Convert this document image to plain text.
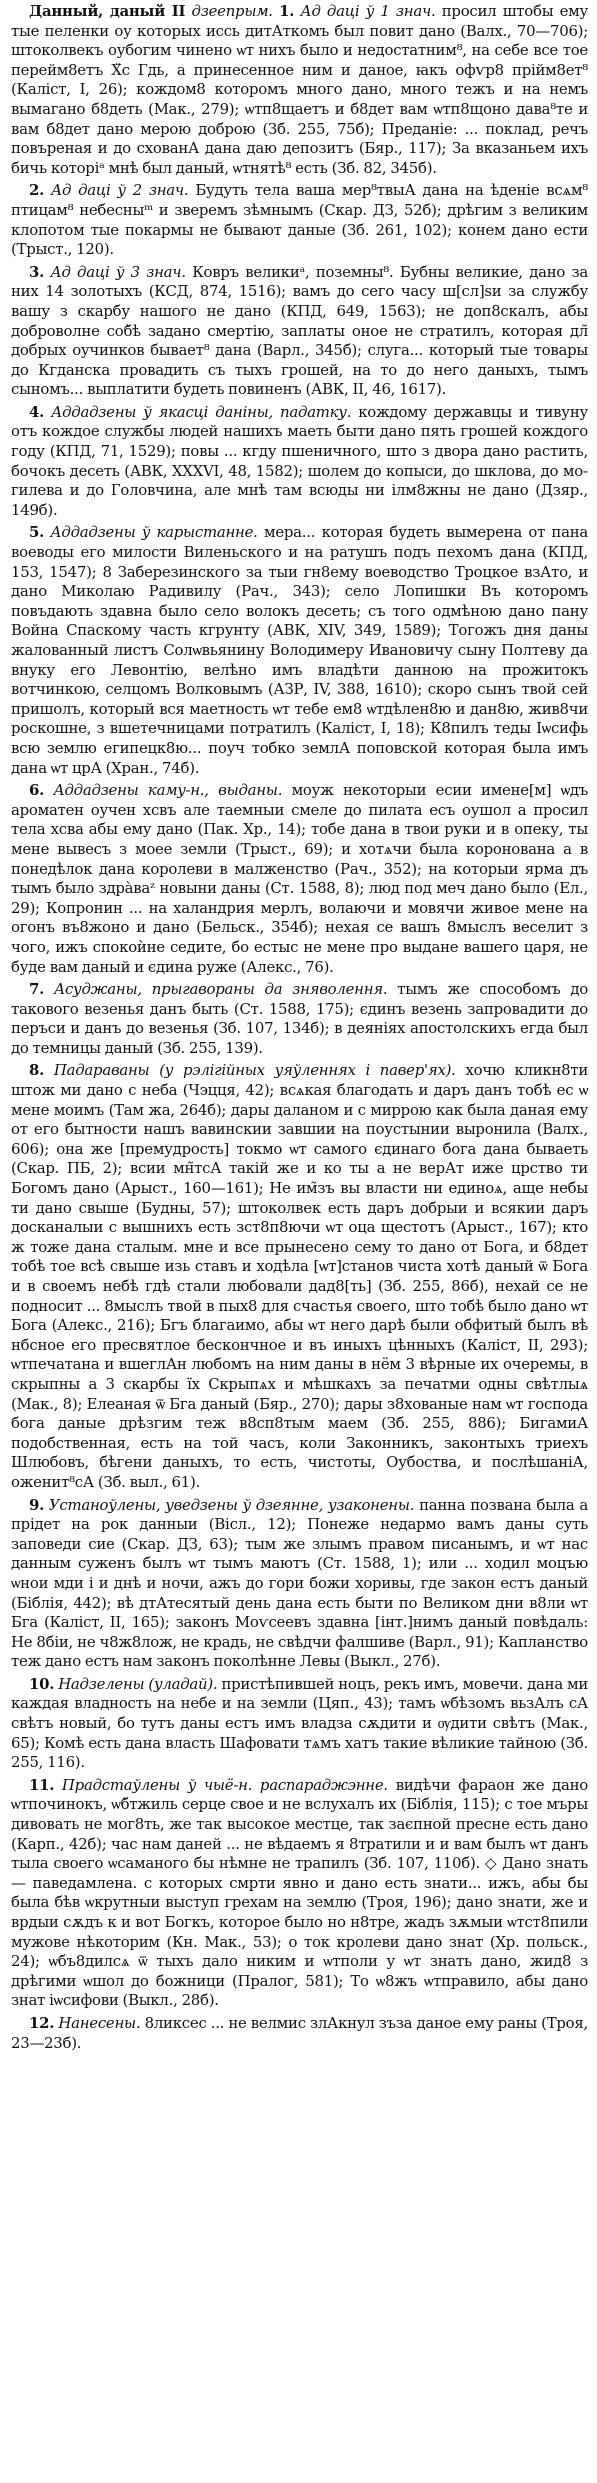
Данный, даный II дзеепрым. 1. Ад даці ў 1 знач. просил штобы ему тые пеленки оу которых иссь дитАткомъ был повит дано (Валх., 70—706); штоколвекъ оубогим чинено ѡт нихъ было и недостатним⁸, на себе все тое перейм8етъ Х̈с Гдь, а принесенное ним и даное, ꙗкъ офѵр8 прійм8ет⁸ (Каліст, I, 26); кождом8 которомъ много дано, много тежъ и на немъ вымагано б8деть (Мак., 279); ѡтп8щаетъ и б8дет вам ѡтп8щоно дава⁸те и вам б8дет дано мерою доброю (Зб. 255, 75б); Преданіе: ... поклад, речъ повъреная и до схованА дана даю депозитъ (Бяр., 117); За вказаньем ихъ бичь которіᵃ мнѣ был даный, ѡтнятѣ⁸ есть (Зб. 82, 345б).

2. Ад даці ў 2 знач. Будуть тела ваша мер⁸твыА дана на ѣденіе всѧм⁸ птицам⁸ небесныᵐ и зверемъ зѣмнымъ (Скар. ДЗ, 52б); дрѣгим з великим клопотом тые покармы не бывают даные (Зб. 261, 102); конем дано ести (Трыст., 120).

3. Ад даці ў 3 знач. Ковръ великиᵃ, поземны⁸. Бубны великие, дано за них 14 золотыхъ (КСД, 874, 1516); вамъ до сего часу ш[сл]ѕи за службу вашу з скарбу нашого не дано (КПД, 649, 1563); не доп8скалъ, абы доброволне соб̀ѣ задано смертію, заплаты оное не стратилъ, которая дл̃ добрых оучинков бывает⁸ дана (Варл., 345б); слуга... который тые товары до Кгданска провадить съ тыхъ грошей, на то до него даныхъ, тымъ сыномъ... выплатити будеть повиненъ (АВК, II, 46, 1617).

4. Аддадзены ў якасці даніны, падатку. кождому державцы и тивуну отъ кождое службы людей нашихъ маеть быти дано пять грошей кождого году (КПД, 71, 1529); повы ... кгду пшеничного, што з двора дано растить, бочокъ десеть (АВК, XXXVI, 48, 1582); шолем до копыси, до шклова, до мо гилева и до Головчина, але мнѣ там всюды ни ілм8жны не дано (Дзяр., 149б).

5. Аддадзены ў карыстанне. мера... которая будеть вымерена от пана воеводы его милости Виленьского и на ратушъ подъ пехомъ дана (КПД, 153, 1547); 8 Заберезинского за тыи гн8ему воеводство Троцкое взАто, и дано Миколаю Радивилу (Рач., 343); село Лопишки Въ которомъ повъдають здавна было село волокъ десеть; съ того одмѣною дано пану Война Спаскому часть кгрунту (АВК, XIV, 349, 1589); Тогожъ дня даны жалованный листъ Солѡвьянину Володимеру Ивановичу сыну Полтеву да внуку его Левонтію, велѣно имъ владѣти данною на прожитокъ вотчинкою, селцомъ Волковымъ (АЗР, IV, 388, 1610); скоро сынъ твой сей пришолъ, который вся маетность ѡт тебе ем8 ѡтдѣлен8ю и дан8ю, жив8чи роскошне, з вшетечницами потратилъ (Каліст, I, 18); К8пилъ теды Іѡсиф̀ь всю землю египецк8ю... поуч тобко землА поповской которая была имъ дана ѡт црА (Хран., 74б).

6. Аддадзены камy-н., выданы. моуж некоторыи есии имене[м] ѡдъ ароматен оучен хсвъ але таемныи смеле до пилата есъ оушол а просил тела хсва абы ему дано (Пак. Хр., 14); тобе дана в твои руки и в опеку, ты мене вывесъ з моее земли (Трыст., 69); и хотѧчи была коронована а в понедѣлок дана королеви в малженство (Рач., 352); на которыи ярма дъ тымъ было здра̀ваᶻ новыни даны (Ст. 1588, 8); люд под меч дано было (Ел., 29); Копронин ... на халандрия мерлъ, волаючи и мовячи живое мене на огонъ въ8жоно и дано (Бельск., 354б); нехая се вашъ 8мыслъ веселит з чого, ижъ спокоѝне седите, бо естыс не мене про выдане вашего царя, не буде вам даный и єдина руже (Алекс., 76).

7. Асуджаны, прыгавораны да зняволення. тымъ же способомъ до такового везенья данъ быть (Ст. 1588, 175); єдинъ везень запровадити до перъси и данъ до везенья (Зб. 107, 134б); в деяніях апостолскихъ егда был до темницы даный (Зб. 255, 139).

8. Падараваны (у рэлігійных уяўленнях і павер'ях). хочю кликн8ти штож ми дано с неба (Чэцця, 42); всѧкая благодать и даръ данъ тобѣ ес ѡ мене моимъ (Там жа, 264б); дары даланом и с миррою как была даная ему от его бытности нашъ вавинскии завшии на поустынии выронила (Валх., 606); она же [премудрость] токмо ѡт самого єдинаго бога дана бываеть (Скар. ПБ, 2); всии мн̃тсА такій же и ко ты а не верАт иже црство ти Богомъ дано (Арыст., 160—161); Не им̃зъ вы власти ни единоѧ, аще небы ти дано свыше (Будны, 57); штоколвек есть даръ добрыи и всякии даръ досканалыи с вышнихъ есть зст8п8ючи ѡт оца щестотъ (Арыст., 167); кто ж тоже дана сталым. мне и все прынесено сему то дано от Бога, и б8дет тобѣ тое всѣ свыше изь ставъ и ходѣла [ѡт]станов чиста хотѣ даный ѿ Бога и в своемъ небѣ гдѣ стали любовали дад8[ть] (Зб. 255, 86б), нехай се не подносит ... 8мыслъ твой в пых8 для счастья своего, што тобѣ было дано ѡт Бога (Алекс., 216); Бгъ благаимо, абы ѡт него дарѣ были обфитый былъ вѣ нбсное его пресвятлое бескончное и въ иныхъ цѣнныхъ (Каліст, II, 293); ѡтпечатана и вшеглАн любомъ на ним даны в нём 3 вѣрные их очеремы, в скрыпны а 3 скарбы їх Скрыпѧх и мѣшкахъ за печатми одны свѣтлыѧ (Мак., 8); Елеаная ѿ Бга даный (Бяр., 270); дары з8хованые нам ѡт господа бога даные дрѣзгим теж в8сп8тым маем (Зб. 255, 886); БигамиА подобственная, есть на той часъ, коли Законникъ, законтыхъ триехъ Шлюбовъ, бѣгени даныхъ, то есть, чистоты, Оубоства, и послѣшаніА, оженит⁸сА (Зб. выл., 61).

9. Устаноўлены, уведзены ў дзеянне, узаконены. панна позвана была а прідет на рок данныи (Віcл., 12); Понеже недармо вамъ даны суть заповеди сие (Скар. ДЗ, 63); тым же злымъ правом писанымъ, и ѡт нас данным суженъ былъ ѡт тымъ маютъ (Ст. 1588, 1); или ... ходил моцъю ѡнои мди і и днѣ и ночи, ажъ до гори божи хоривы, где закон естъ даный (Біблія, 442); вѣ дтАтесятый день дана есть быти по Великом дни в8ли ѡт Бга (Каліст, II, 165); законъ Моѵсеевъ здавна [інт.]нимъ даный повѣдаль: Не 8біи, не ч8ж8лож, не крадь, не свѣдчи фалшиве (Варл., 91); Капланство теж дано естъ нам законъ поколѣнне Левы (Выкл., 27б).

10. Надзелены (уладай). пристѣпившей ноцъ, рекъ имъ, мовечи. дана ми каждая владность на небе и на земли (Цяп., 43); тамъ ѡбѣзомъ вьзАлъ сА свѣтъ новый, бо тутъ даны естъ имъ владза сѫдити и ѹдити свѣтъ (Мак., 65); Комѣ есть дана власть Шафовати тѧмъ хатъ такие вѣликие тайною (Зб. 255, 116).

11. Прадстаўлены ў чыё-н. распараджэнне. видѣчи фараон же дано ѡтпочинокъ, ѡб̈тжиль серце свое и не вслухалъ их (Біблія, 115); с тое мъры дивовать не мог8ть, же так высокое местце, так заєпной пресне есть дано (Карп., 42б); час нам даней ... не вѣдаемъ я 8тратили и и вам былъ ѡт данъ тыла своего ѡсаманого бы нѣмне не трапилъ (Зб. 107, 110б). ◇ Дано знать — паведамлена. с которых смрти явно и дано есть знати... ижъ, абы бы была бѣв ѡкрутныи выступ грехам на землю (Троя, 196); дано знати, же и врдыи сѫдъ к и вот Богкъ, которое было но н8тре, жадъ зѫмыи ѡтст8пили мужове нѣкоторим (Кн. Мак., 53); о ток кролеви дано знат (Хр. польск., 24); ѡбъ8дилсѧ ѿ тыхъ дало никим и ѡтполи у ѡт знать дано, жид8 з дрѣгими ѡшол до божници (Пралог, 581); То ѡ8жъ ѡтправило, абы дано знат іѡсифови (Выкл., 28б).

12. Нанесены. 8ликсес ... не велмис злАкнул зъза даное ему раны (Троя, 23—23б).
